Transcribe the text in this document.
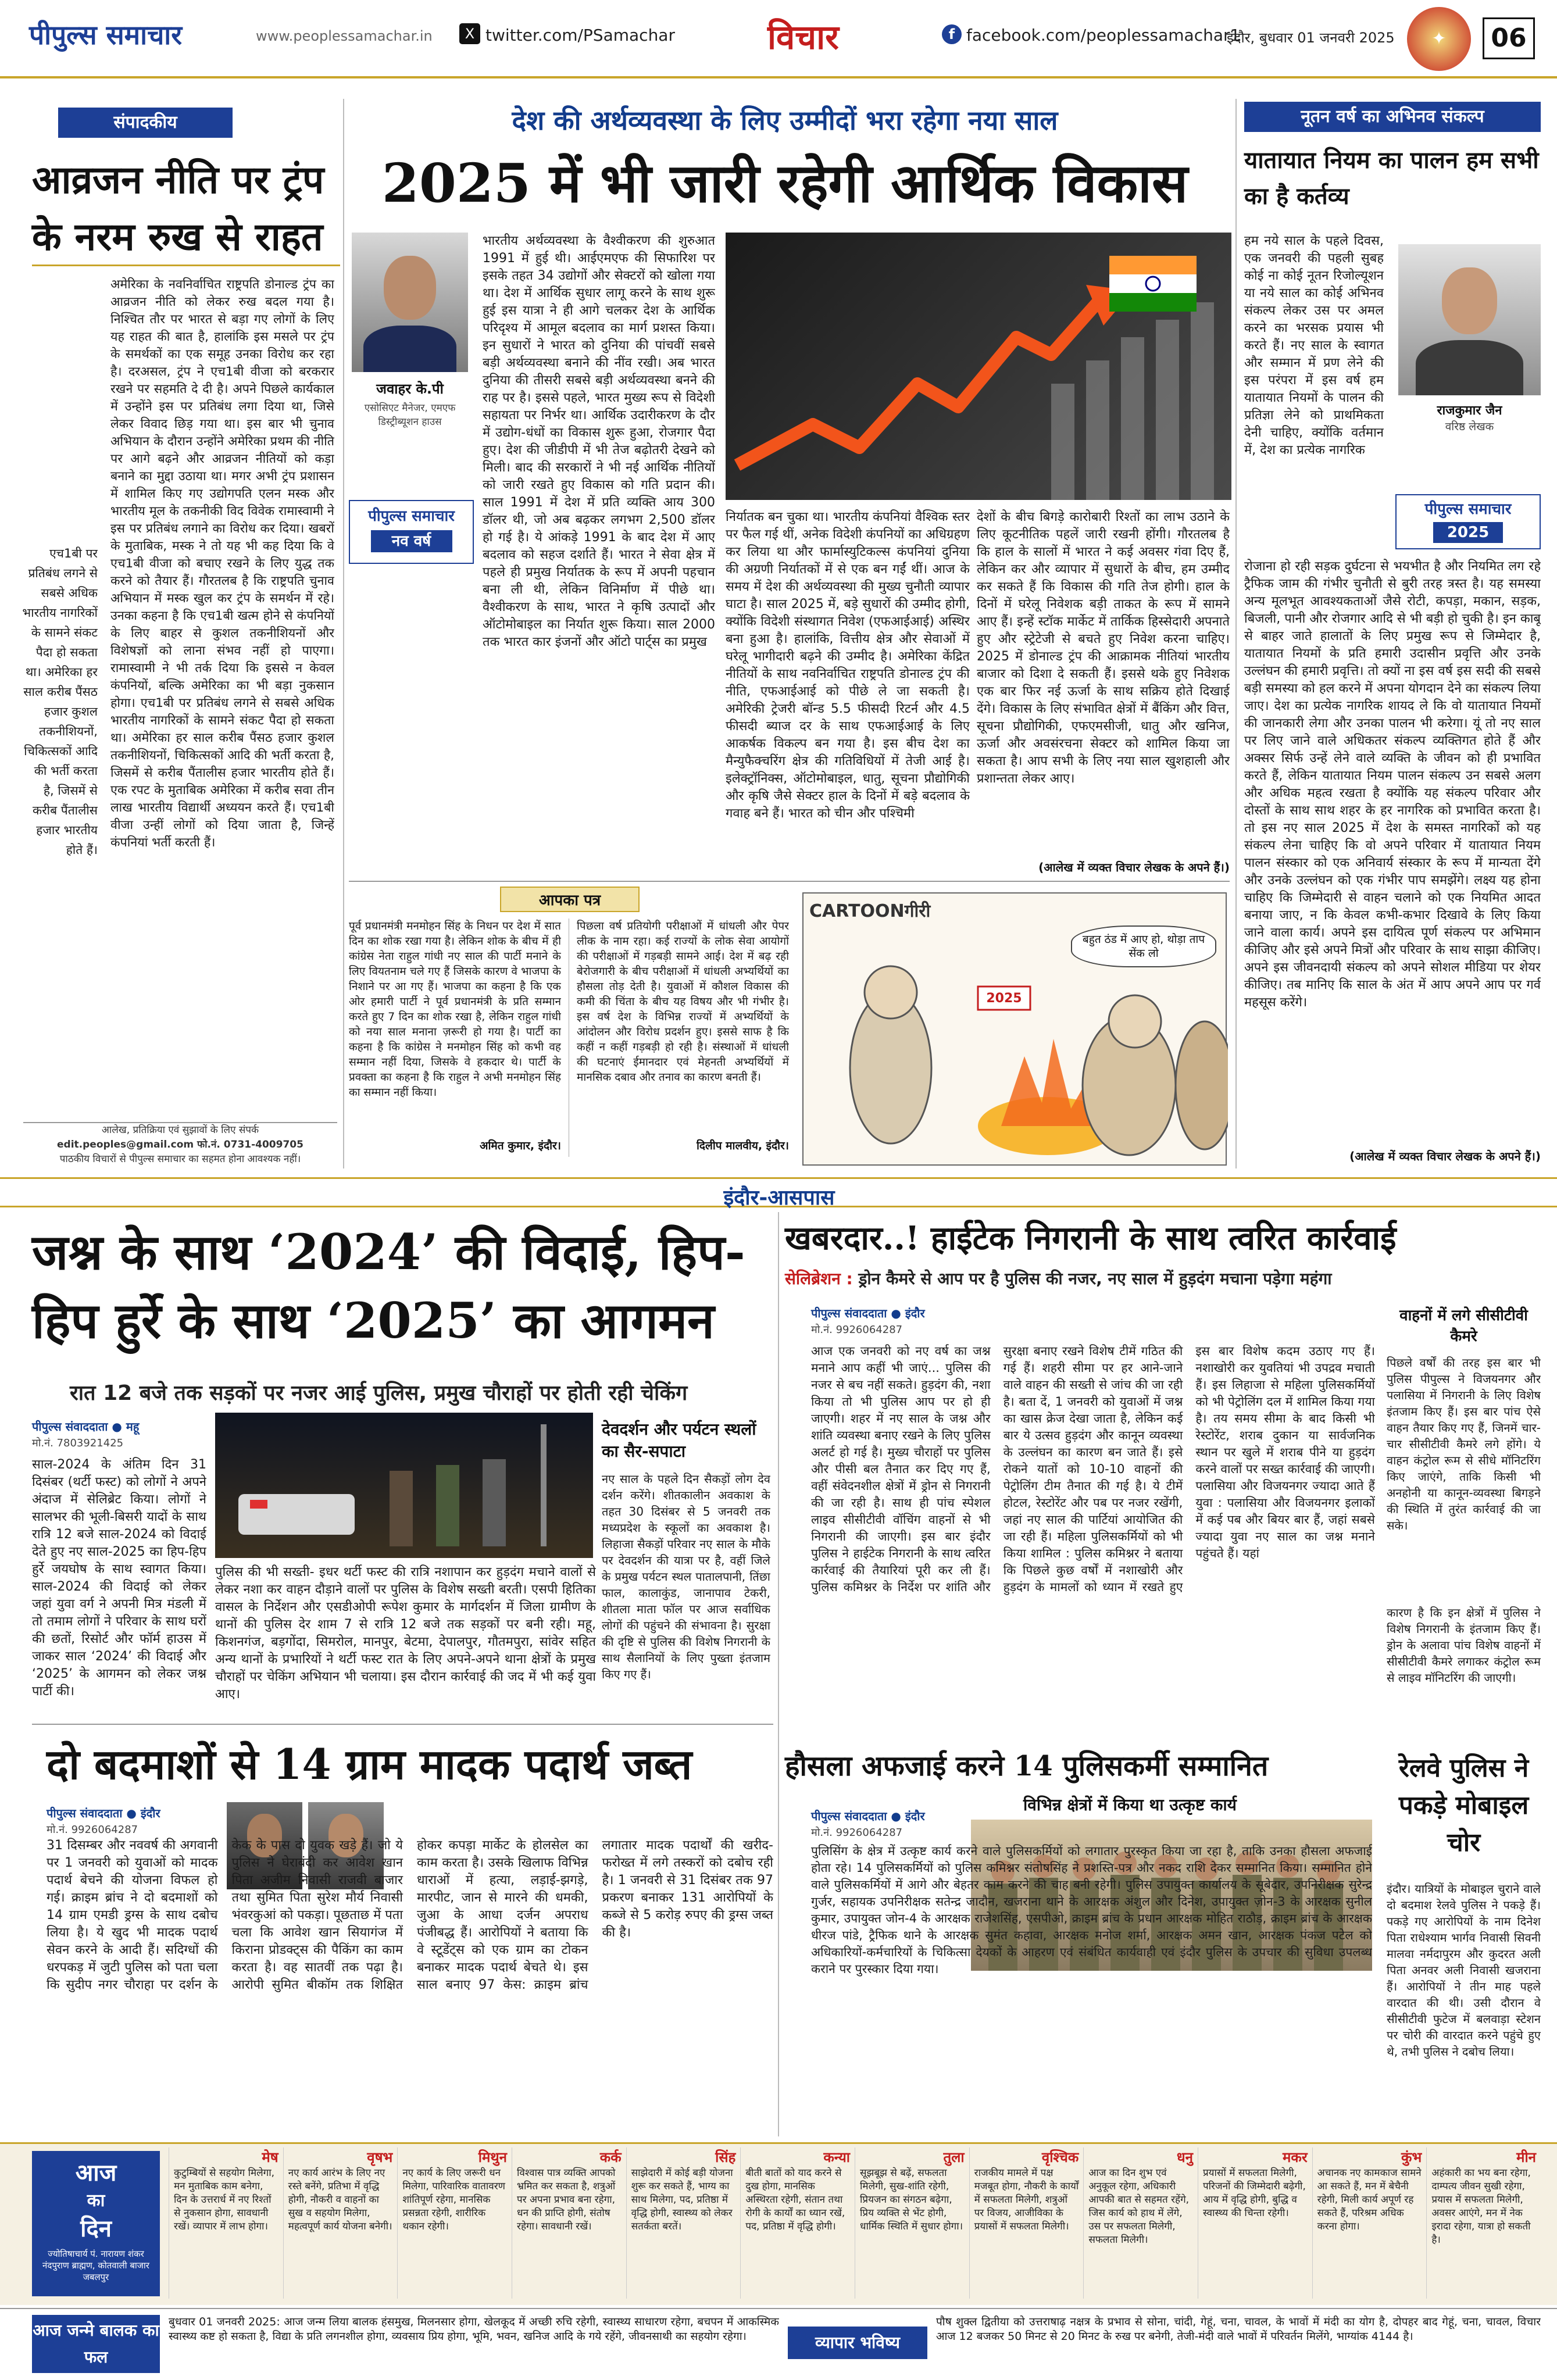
पीपुल्स समाचार	www.peoplessamachar.in	X twitter.com/PSamachar	विचार	f facebook.com/peoplessamachar1
इंदौर, बुधवार 01 जनवरी 2025	✦	06
संपादकीय
आव्रजन नीति पर ट्रंप के नरम रुख से राहत
एच1बी पर प्रतिबंध लगने से सबसे अधिक भारतीय नागरिकों के सामने संकट पैदा हो सकता था। अमेरिका हर साल करीब पैंसठ हजार कुशल तकनीशियनों, चिकित्सकों आदि की भर्ती करता है, जिसमें से करीब पैंतालीस हजार भारतीय होते हैं।
अमेरिका के नवनिर्वाचित राष्ट्रपति डोनाल्ड ट्रंप का आव्रजन नीति को लेकर रुख बदल गया है। निश्चित तौर पर भारत से बड़ा गए लोगों के लिए यह राहत की बात है, हालांकि इस मसले पर ट्रंप के समर्थकों का एक समूह उनका विरोध कर रहा है। दरअसल, ट्रंप ने एच1बी वीजा को बरकरार रखने पर सहमति दे दी है। अपने पिछले कार्यकाल में उन्होंने इस पर प्रतिबंध लगा दिया था, जिसे लेकर विवाद छिड़ गया था। इस बार भी चुनाव अभियान के दौरान उन्होंने अमेरिका प्रथम की नीति पर आगे बढ़ने और आव्रजन नीतियों को कड़ा बनाने का मुद्दा उठाया था। मगर अभी ट्रंप प्रशासन में शामिल किए गए उद्योगपति एलन मस्क और भारतीय मूल के तकनीकी विद विवेक रामास्वामी ने इस पर प्रतिबंध लगाने का विरोध कर दिया। खबरों के मुताबिक, मस्क ने तो यह भी कह दिया कि वे एच1बी वीजा को बचाए रखने के लिए युद्ध तक करने को तैयार हैं। गौरतलब है कि राष्ट्रपति चुनाव अभियान में मस्क खुल कर ट्रंप के समर्थन में रहे। उनका कहना है कि एच1बी खत्म होने से कंपनियों के लिए बाहर से कुशल तकनीशियनों और विशेषज्ञों को लाना संभव नहीं हो पाएगा। रामास्वामी ने भी तर्क दिया कि इससे न केवल कंपनियों, बल्कि अमेरिका का भी बड़ा नुकसान होगा। एच1बी पर प्रतिबंध लगने से सबसे अधिक भारतीय नागरिकों के सामने संकट पैदा हो सकता था। अमेरिका हर साल करीब पैंसठ हजार कुशल तकनीशियनों, चिकित्सकों आदि की भर्ती करता है, जिसमें से करीब पैंतालीस हजार भारतीय होते हैं। एक रपट के मुताबिक अमेरिका में करीब सवा तीन लाख भारतीय विद्यार्थी अध्ययन करते हैं। एच1बी वीजा उन्हीं लोगों को दिया जाता है, जिन्हें कंपनियां भर्ती करती हैं।
आलेख, प्रतिक्रिया एवं सुझावों के लिए संपर्क
edit.peoples@gmail.com फो.नं. 0731-4009705
पाठकीय विचारों से पीपुल्स समाचार का सहमत होना आवश्यक नहीं।
देश की अर्थव्यवस्था के लिए उम्मीदों भरा रहेगा नया साल
2025 में भी जारी रहेगी आर्थिक विकास
जवाहर के.पी
एसोसिएट मैनेजर, एमएफ डिस्ट्रीब्यूशन हाउस
पीपुल्स समाचार
नव वर्ष
भारतीय अर्थव्यवस्था के वैश्वीकरण की शुरुआत 1991 में हुई थी। आईएमएफ की सिफारिश पर इसके तहत 34 उद्योगों और सेक्टरों को खोला गया था। देश में आर्थिक सुधार लागू करने के साथ शुरू हुई इस यात्रा ने ही आगे चलकर देश के आर्थिक परिदृश्य में आमूल बदलाव का मार्ग प्रशस्त किया। इन सुधारों ने भारत को दुनिया की पांचवीं सबसे बड़ी अर्थव्यवस्था बनाने की नींव रखी। अब भारत दुनिया की तीसरी सबसे बड़ी अर्थव्यवस्था बनने की राह पर है। इससे पहले, भारत मुख्य रूप से विदेशी सहायता पर निर्भर था। आर्थिक उदारीकरण के दौर में उद्योग-धंधों का विकास शुरू हुआ, रोजगार पैदा हुए। देश की जीडीपी में भी तेज बढ़ोतरी देखने को मिली। बाद की सरकारों ने भी नई आर्थिक नीतियों को जारी रखते हुए विकास को गति प्रदान की। साल 1991 में देश में प्रति व्यक्ति आय 300 डॉलर थी, जो अब बढ़कर लगभग 2,500 डॉलर हो गई है। ये आंकड़े 1991 के बाद देश में आए बदलाव को सहज दर्शाते हैं। भारत ने सेवा क्षेत्र में पहले ही प्रमुख निर्यातक के रूप में अपनी पहचान बना ली थी, लेकिन विनिर्माण में पीछे था। वैश्वीकरण के साथ, भारत ने कृषि उत्पादों और ऑटोमोबाइल का निर्यात शुरू किया। साल 2000 तक भारत कार इंजनों और ऑटो पार्ट्स का प्रमुख
निर्यातक बन चुका था। भारतीय कंपनियां वैश्विक स्तर पर फैल गई थीं, अनेक विदेशी कंपनियों का अधिग्रहण कर लिया था और फार्मास्युटिकल्स कंपनियां दुनिया की अग्रणी निर्यातकों में से एक बन गईं थीं। आज के समय में देश की अर्थव्यवस्था की मुख्य चुनौती व्यापार घाटा है। साल 2025 में, बड़े सुधारों की उम्मीद होगी, क्योंकि विदेशी संस्थागत निवेश (एफआईआई) अस्थिर बना हुआ है। हालांकि, वित्तीय क्षेत्र और सेवाओं में घरेलू भागीदारी बढ़ने की उम्मीद है। अमेरिका केंद्रित नीतियों के साथ नवनिर्वाचित राष्ट्रपति डोनाल्ड ट्रंप की नीति, एफआईआई को पीछे ले जा सकती है। अमेरिकी ट्रेजरी बॉन्ड 5.5 फीसदी रिटर्न और 4.5 फीसदी ब्याज दर के साथ एफआईआई के लिए आकर्षक विकल्प बन गया है। इस बीच देश का मैन्युफैक्चरिंग क्षेत्र की गतिविधियों में तेजी आई है। इलेक्ट्रॉनिक्स, ऑटोमोबाइल, धातु, सूचना प्रौद्योगिकी और कृषि जैसे सेक्टर हाल के दिनों में बड़े बदलाव के गवाह बने हैं। भारत को चीन और पश्चिमी
देशों के बीच बिगड़े कारोबारी रिश्तों का लाभ उठाने के लिए कूटनीतिक पहलें जारी रखनी होंगी। गौरतलब है कि हाल के सालों में भारत ने कई अवसर गंवा दिए हैं, लेकिन कर और व्यापार में सुधारों के बीच, हम उम्मीद कर सकते हैं कि विकास की गति तेज होगी। हाल के दिनों में घरेलू निवेशक बड़ी ताकत के रूप में सामने आए हैं। इन्हें स्टॉक मार्केट में तार्किक हिस्सेदारी अपनाते हुए और स्ट्रेटेजी से बचते हुए निवेश करना चाहिए। 2025 में डोनाल्ड ट्रंप की आक्रामक नीतियां भारतीय बाजार को दिशा दे सकती हैं। इससे थके हुए निवेशक एक बार फिर नई ऊर्जा के साथ सक्रिय होते दिखाई देंगे। विकास के लिए संभावित क्षेत्रों में बैंकिंग और वित्त, सूचना प्रौद्योगिकी, एफएमसीजी, धातु और खनिज, ऊर्जा और अवसंरचना सेक्टर को शामिल किया जा सकता है। आप सभी के लिए नया साल खुशहाली और प्रशान्तता लेकर आए।
(आलेख में व्यक्त विचार लेखक के अपने हैं।)
आपका पत्र
पूर्व प्रधानमंत्री मनमोहन सिंह के निधन पर देश में सात दिन का शोक रखा गया है। लेकिन शोक के बीच में ही कांग्रेस नेता राहुल गांधी नए साल की पार्टी मनाने के लिए वियतनाम चले गए हैं जिसके कारण वे भाजपा के निशाने पर आ गए हैं। भाजपा का कहना है कि एक ओर हमारी पार्टी ने पूर्व प्रधानमंत्री के प्रति सम्मान करते हुए 7 दिन का शोक रखा है, लेकिन राहुल गांधी को नया साल मनाना ज़रूरी हो गया है। पार्टी का कहना है कि कांग्रेस ने मनमोहन सिंह को कभी वह सम्मान नहीं दिया, जिसके वे हकदार थे। पार्टी के प्रवक्ता का कहना है कि राहुल ने अभी मनमोहन सिंह का सम्मान नहीं किया।
अमित कुमार, इंदौर।
पिछला वर्ष प्रतियोगी परीक्षाओं में धांधली और पेपर लीक के नाम रहा। कई राज्यों के लोक सेवा आयोगों की परीक्षाओं में गड़बड़ी सामने आई। देश में बढ़ रही बेरोजगारी के बीच परीक्षाओं में धांधली अभ्यर्थियों का हौसला तोड़ देती है। युवाओं में कौशल विकास की कमी की चिंता के बीच यह विषय और भी गंभीर है। इस वर्ष देश के विभिन्न राज्यों में अभ्यर्थियों के आंदोलन और विरोध प्रदर्शन हुए। इससे साफ है कि कहीं न कहीं गड़बड़ी हो रही है। संस्थाओं में धांधली की घटनाएं ईमानदार एवं मेहनती अभ्यर्थियों में मानसिक दबाव और तनाव का कारण बनती हैं।
दिलीप मालवीय, इंदौर।
CARTOONगीरी
2025
बहुत ठंड में आए हो, थोड़ा ताप सेंक लो
नूतन वर्ष का अभिनव संकल्प
यातायात नियम का पालन हम सभी का है कर्तव्य
हम नये साल के पहले दिवस, एक जनवरी की पहली सुबह कोई ना कोई नूतन रिजोल्यूशन या नये साल का कोई अभिनव संकल्प लेकर उस पर अमल करने का भरसक प्रयास भी करते हैं। नए साल के स्वागत और सम्मान में प्रण लेने की इस परंपरा में इस वर्ष हम यातायात नियमों के पालन की प्रतिज्ञा लेने को प्राथमिकता देनी चाहिए, क्योंकि वर्तमान में, देश का प्रत्येक नागरिक
राजकुमार जैन
वरिष्ठ लेखक
पीपुल्स समाचार
2025
रोजाना हो रही सड़क दुर्घटना से भयभीत है और नियमित लग रहे ट्रैफिक जाम की गंभीर चुनौती से बुरी तरह त्रस्त है। यह समस्या अन्य मूलभूत आवश्यकताओं जैसे रोटी, कपड़ा, मकान, सड़क, बिजली, पानी और रोजगार आदि से भी बड़ी हो चुकी है। इन काबू से बाहर जाते हालातों के लिए प्रमुख रूप से जिम्मेदार है, यातायात नियमों के प्रति हमारी उदासीन प्रवृत्ति और उनके उल्लंघन की हमारी प्रवृत्ति। तो क्यों ना इस वर्ष इस सदी की सबसे बड़ी समस्या को हल करने में अपना योगदान देने का संकल्प लिया जाए। देश का प्रत्येक नागरिक शायद ले कि वो यातायात नियमों की जानकारी लेगा और उनका पालन भी करेगा। यूं तो नए साल पर लिए जाने वाले अधिकतर संकल्प व्यक्तिगत होते हैं और अक्सर सिर्फ उन्हें लेने वाले व्यक्ति के जीवन को ही प्रभावित करते हैं, लेकिन यातायात नियम पालन संकल्प उन सबसे अलग और अधिक महत्व रखता है क्योंकि यह संकल्प परिवार और दोस्तों के साथ साथ शहर के हर नागरिक को प्रभावित करता है। तो इस नए साल 2025 में देश के समस्त नागरिकों को यह संकल्प लेना चाहिए कि वो अपने परिवार में यातायात नियम पालन संस्कार को एक अनिवार्य संस्कार के रूप में मान्यता देंगे और उनके उल्लंघन को एक गंभीर पाप समझेंगे। लक्ष्य यह होना चाहिए कि जिम्मेदारी से वाहन चलाने को एक नियमित आदत बनाया जाए, न कि केवल कभी-कभार दिखावे के लिए किया जाने वाला कार्य। अपने इस दायित्व पूर्ण संकल्प पर अभिमान कीजिए और इसे अपने मित्रों और परिवार के साथ साझा कीजिए। अपने इस जीवनदायी संकल्प को अपने सोशल मीडिया पर शेयर कीजिए। तब मानिए कि साल के अंत में आप अपने आप पर गर्व महसूस करेंगे।
(आलेख में व्यक्त विचार लेखक के अपने हैं।)
इंदौर-आसपास
जश्न के साथ ‘2024’ की विदाई, हिप-हिप हुर्रे के साथ ‘2025’ का आगमन
रात 12 बजे तक सड़कों पर नजर आई पुलिस, प्रमुख चौराहों पर होती रही चेकिंग
पीपुल्स संवाददाता ● महू
मो.नं. 7803921425
साल-2024 के अंतिम दिन 31 दिसंबर (थर्टी फस्ट) को लोगों ने अपने अंदाज में सेलिब्रेट किया। लोगों ने सालभर की भूली-बिसरी यादों के साथ रात्रि 12 बजे साल-2024 को विदाई देते हुए नए साल-2025 का हिप-हिप हुर्रे जयघोष के साथ स्वागत किया। साल-2024 की विदाई को लेकर जहां युवा वर्ग ने अपनी मित्र मंडली में तो तमाम लोगों ने परिवार के साथ घरों की छतों, रिसोर्ट और फॉर्म हाउस में जाकर साल ‘2024’ की विदाई और ‘2025’ के आगमन को लेकर जश्न पार्टी की।
पुलिस की भी सख्ती- इधर थर्टी फस्ट की रात्रि नशापान कर हुड़दंग मचाने वालों से लेकर नशा कर वाहन दौड़ाने वालों पर पुलिस के विशेष सख्ती बरती। एसपी हितिका वासल के निर्देशन और एसडीओपी रूपेश कुमार के मार्गदर्शन में जिला ग्रामीण के थानों की पुलिस देर शाम 7 से रात्रि 12 बजे तक सड़कों पर बनी रही। महू, किशनगंज, बड़गोंदा, सिमरोल, मानपुर, बेटमा, देपालपुर, गौतमपुरा, सांवेर सहित अन्य थानों के प्रभारियों ने थर्टी फस्ट रात के लिए अपने-अपने थाना क्षेत्रों के प्रमुख चौराहों पर चेकिंग अभियान भी चलाया। इस दौरान कार्रवाई की जद में भी कई युवा आए।
देवदर्शन और पर्यटन स्थलों का सैर-सपाटा
नए साल के पहले दिन सैकड़ों लोग देव दर्शन करेंगे। शीतकालीन अवकाश के तहत 30 दिसंबर से 5 जनवरी तक मध्यप्रदेश के स्कूलों का अवकाश है। लिहाजा सैकड़ों परिवार नए साल के मौके पर देवदर्शन की यात्रा पर है, वहीं जिले के प्रमुख पर्यटन स्थल पातालपानी, तिंछा फाल, कालाकुंड, जानापाव टेकरी, शीतला माता फॉल पर आज सर्वाधिक लोगों की पहुंचने की संभावना है। सुरक्षा की दृष्टि से पुलिस की विशेष निगरानी के साथ सैलानियों के लिए पुख्ता इंतजाम किए गए हैं।
दो बदमाशों से 14 ग्राम मादक पदार्थ जब्त
पीपुल्स संवाददाता ● इंदौर
मो.नं. 9926064287
31 दिसम्बर और नववर्ष की अगवानी पर 1 जनवरी को युवाओं को मादक पदार्थ बेचने की योजना विफल हो गई। क्राइम ब्रांच ने दो बदमाशों को 14 ग्राम एमडी ड्रग्स के साथ दबोच लिया है। ये खुद भी मादक पदार्थ सेवन करने के आदी हैं। सदिग्धों की धरपकड़ में जुटी पुलिस को पता चला कि सुदीप नगर चौराहा पर दर्शन के केक के पास दो युवक खड़े हैं। जो ये पुलिस ने घेराबंदी कर आवेश खान पिता अजीम निवासी राजवी बाजार तथा सुमित पिता सुरेश मौर्य निवासी भंवरकुआं को पकड़ा। पूछताछ में पता चला कि आवेश खान सियागंज में किराना प्रोडक्ट्स की पैकिंग का काम करता है। वह सातवीं तक पढ़ा है। आरोपी सुमित बीकॉम तक शिक्षित होकर कपड़ा मार्केट के होलसेल का काम करता है। उसके खिलाफ विभिन्न धाराओं में हत्या, लड़ाई-झगड़े, मारपीट, जान से मारने की धमकी, जुआ के आधा दर्जन अपराध पंजीबद्ध हैं। आरोपियों ने बताया कि वे स्टूडेंट्स को एक ग्राम का टोकन बनाकर मादक पदार्थ बेचते थे। इस साल बनाए 97 केस: क्राइम ब्रांच लगातार मादक पदार्थों की खरीद-फरोख्त में लगे तस्करों को दबोच रही है। 1 जनवरी से 31 दिसंबर तक 97 प्रकरण बनाकर 131 आरोपियों के कब्जे से 5 करोड़ रुपए की ड्रग्स जब्त की है।
खबरदार..! हाईटेक निगरानी के साथ त्वरित कार्रवाई
सेलिब्रेशन : ड्रोन कैमरे से आप पर है पुलिस की नजर, नए साल में हुड़दंग मचाना पड़ेगा महंगा
पीपुल्स संवाददाता ● इंदौर
मो.नं. 9926064287
आज एक जनवरी को नए वर्ष का जश्न मनाने आप कहीं भी जाएं... पुलिस की नजर से बच नहीं सकते। हुड़दंग की, नशा किया तो भी पुलिस आप पर हो ही जाएगी। शहर में नए साल के जश्न और शांति व्यवस्था बनाए रखने के लिए पुलिस अलर्ट हो गई है। मुख्य चौराहों पर पुलिस और पीसी बल तैनात कर दिए गए हैं, वहीं संवेदनशील क्षेत्रों में ड्रोन से निगरानी की जा रही है। साथ ही पांच स्पेशल लाइव सीसीटीवी वॉचिंग वाहनों से भी निगरानी की जाएगी। इस बार इंदौर पुलिस ने हाईटेक निगरानी के साथ त्वरित कार्रवाई की तैयारियां पूरी कर ली हैं। पुलिस कमिश्नर के निर्देश पर शांति और सुरक्षा बनाए रखने विशेष टीमें गठित की गई हैं। शहरी सीमा पर हर आने-जाने वाले वाहन की सख्ती से जांच की जा रही है। बता दें, 1 जनवरी को युवाओं में जश्न का खास क्रेज देखा जाता है, लेकिन कई बार ये उत्सव हुड़दंग और कानून व्यवस्था के उल्लंघन का कारण बन जाते हैं। इसे रोकने यातों को 10-10 वाहनों की पेट्रोलिंग टीम तैनात की गई है। ये टीमें होटल, रेस्टोरेंट और पब पर नजर रखेंगी, जहां नए साल की पार्टियां आयोजित की जा रही हैं। महिला पुलिसकर्मियों को भी किया शामिल : पुलिस कमिश्नर ने बताया कि पिछले कुछ वर्षों में नशाखोरी और हुड़दंग के मामलों को ध्यान में रखते हुए इस बार विशेष कदम उठाए गए हैं। नशाखोरी कर युवतियां भी उपद्रव मचाती हैं। इस लिहाजा से महिला पुलिसकर्मियों को भी पेट्रोलिंग दल में शामिल किया गया है। तय समय सीमा के बाद किसी भी रेस्टोरेंट, शराब दुकान या सार्वजनिक स्थान पर खुले में शराब पीने या हुड़दंग करने वालों पर सख्त कार्रवाई की जाएगी। पलासिया और विजयनगर ज्यादा आते हैं युवा : पलासिया और विजयनगर इलाकों में कई पब और बियर बार हैं, जहां सबसे ज्यादा युवा नए साल का जश्न मनाने पहुंचते हैं। यहां
वाहनों में लगे सीसीटीवी कैमरे
पिछले वर्षों की तरह इस बार भी पुलिस पीपुल्स ने विजयनगर और पलासिया में निगरानी के लिए विशेष इंतजाम किए हैं। इस बार पांच ऐसे वाहन तैयार किए गए हैं, जिनमें चार-चार सीसीटीवी कैमरे लगे होंगे। ये वाहन कंट्रोल रूम से सीधे मॉनिटरिंग किए जाएंगे, ताकि किसी भी अनहोनी या कानून-व्यवस्था बिगड़ने की स्थिति में तुरंत कार्रवाई की जा सके।
कारण है कि इन क्षेत्रों में पुलिस ने विशेष निगरानी के इंतजाम किए हैं। ड्रोन के अलावा पांच विशेष वाहनों में सीसीटीवी कैमरे लगाकर कंट्रोल रूम से लाइव मॉनिटरिंग की जाएगी।
हौसला अफजाई करने 14 पुलिसकर्मी सम्मानित
विभिन्न क्षेत्रों में किया था उत्कृष्ट कार्य
पीपुल्स संवाददाता ● इंदौर
मो.नं. 9926064287
पुलिसिंग के क्षेत्र में उत्कृष्ट कार्य करने वाले पुलिसकर्मियों को लगातार पुरस्कृत किया जा रहा है, ताकि उनका हौसला अफजाई होता रहे। 14 पुलिसकर्मियों को पुलिस कमिश्नर संतोषसिंह ने प्रशस्ति-पत्र और नकद राशि देकर सम्मानित किया। सम्मानित होने वाले पुलिसकर्मियों में आगे और बेहतर काम करने की चाह बनी रहेगी। पुलिस उपायुक्त कार्यालय के सूबेदार, उपनिरीक्षक सुरेन्द्र गुर्जर, सहायक उपनिरीक्षक सतेन्द्र जादौन, खजराना थाने के आरक्षक अंशुल और दिनेश, उपायुक्त ज़ोन-3 के आरक्षक सुनील कुमार, उपायुक्त जोन-4 के आरक्षक राजेशसिंह, एसपीओ, क्राइम ब्रांच के प्रधान आरक्षक मोहित राठौड़, क्राइम ब्रांच के आरक्षक धीरज पांडे, ट्रैफिक थाने के आरक्षक सुमंत कहावा, आरक्षक मनोज शर्मा, आरक्षक अमन खान, आरक्षक पंकज पटेल को अधिकारियों-कर्मचारियों के चिकित्सा देयकों के आहरण एवं संबंधित कार्यवाही एवं इंदौर पुलिस के उपचार की सुविधा उपलब्ध कराने पर पुरस्कार दिया गया।
रेलवे पुलिस ने पकड़े मोबाइल चोर
इंदौर। यात्रियों के मोबाइल चुराने वाले दो बदमाश रेलवे पुलिस ने पकड़े हैं। पकड़े गए आरोपियों के नाम दिनेश पिता राधेश्याम भार्गव निवासी सिवनी मालवा नर्मदापुरम और कुदरत अली पिता अनवर अली निवासी खजराना हैं। आरोपियों ने तीन माह पहले वारदात की थी। उसी दौरान वे सीसीटीवी फुटेज में बलवाड़ा स्टेशन पर चोरी की वारदात करने पहुंचे हुए थे, तभी पुलिस ने दबोच लिया।
आज
का
दिन
ज्योतिषाचार्य पं. नारायण शंकर नंदपुराण ब्राह्मण, कोतवाली बाजार जबलपुर
मेष
कुटुम्बियों से सहयोग मिलेगा, मन मुताबिक काम बनेगा, दिन के उत्तरार्ध में नए रिश्तों से नुकसान होगा, सावधानी रखें। व्यापार में लाभ होगा।
वृषभ
नए कार्य आरंभ के लिए नए रस्ते बनेंगे, प्रतिभा में वृद्धि होगी, नौकरी व वाहनों का सुख व सहयोग मिलेगा, महत्वपूर्ण कार्य योजना बनेगी।
मिथुन
नए कार्य के लिए जरूरी धन मिलेगा, पारिवारिक वातावरण शांतिपूर्ण रहेगा, मानसिक प्रसन्नता रहेगी, शारीरिक थकान रहेगी।
कर्क
विश्वास पात्र व्यक्ति आपको भ्रमित कर सकता है, शत्रुओं पर अपना प्रभाव बना रहेगा, धन की प्राप्ति होगी, संतोष रहेगा। सावधानी रखें।
सिंह
साझेदारी में कोई बड़ी योजना शुरू कर सकते हैं, भाग्य का साथ मिलेगा, पद, प्रतिष्ठा में वृद्धि होगी, स्वास्थ्य को लेकर सतर्कता बरतें।
कन्या
बीती बातों को याद करने से दुख होगा, मानसिक अस्थिरता रहेगी, संतान तथा रोगी के कार्यों का ध्यान रखें, पद, प्रतिष्ठा में वृद्धि होगी।
तुला
सूझबूझ से बढ़ें, सफलता मिलेगी, सुख-शांति रहेगी, प्रियजन का संगठन बढ़ेगा, प्रिय व्यक्ति से भेंट होगी, धार्मिक स्थिति में सुधार होगा।
वृश्चिक
राजकीय मामले में पक्ष मजबूत होगा, नौकरी के कार्यों में सफलता मिलेगी, शत्रुओं पर विजय, आजीविका के प्रयासों में सफलता मिलेगी।
धनु
आज का दिन शुभ एवं अनुकूल रहेगा, अधिकारी आपकी बात से सहमत रहेंगे, जिस कार्य को हाथ में लेंगे, उस पर सफलता मिलेगी, सफलता मिलेगी।
मकर
प्रयासों में सफलता मिलेगी, परिजनों की जिम्मेदारी बढ़ेगी, आय में वृद्धि होगी, बुद्धि व स्वास्थ्य की चिन्ता रहेगी।
कुंभ
अचानक नए कामकाज सामने आ सकते हैं, मन में बेचैनी रहेगी, मिली कार्य अपूर्ण रह सकते हैं, परिश्रम अधिक करना होगा।
मीन
अहंकारी का भय बना रहेगा, दाम्पत्य जीवन सुखी रहेगा, प्रयास में सफलता मिलेगी, अवसर आएंगे, मन में नेक इरादा रहेगा, यात्रा हो सकती है।
आज जन्मे बालक का फल
बुधवार 01 जनवरी 2025: आज जन्म लिया बालक हंसमुख, मिलनसार होगा, खेलकूद में अच्छी रुचि रहेगी, स्वास्थ्य साधारण रहेगा, बचपन में आकस्मिक स्वास्थ्य कष्ट हो सकता है, विद्या के प्रति लगनशील होगा, व्यवसाय प्रिय होगा, भूमि, भवन, खनिज आदि के गये रहेंगे, जीवनसाथी का सहयोग रहेगा।	व्यापार भविष्य
पौष शुक्ल द्वितीया को उत्तराषाढ़ नक्षत्र के प्रभाव से सोना, चांदी, गेहूं, चना, चावल, के भावों में मंदी का योग है, दोपहर बाद गेहूं, चना, चावल, विचार आज 12 बजकर 50 मिनट से 20 मिनट के रुख पर बनेगी, तेजी-मंदी वाले भावों में परिवर्तन मिलेंगे, भाग्यांक 4144 है।
